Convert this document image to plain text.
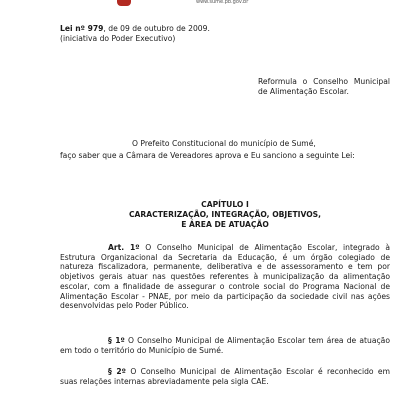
www.sume.pb.gov.br
Lei nº 979, de 09 de outubro de 2009.
(iniciativa do Poder Executivo)
Reformula o Conselho Municipal de Alimentação Escolar.
O Prefeito Constitucional do município de Sumé,
faço saber que a Câmara de Vereadores aprova e Eu sanciono a seguinte Lei:
CAPÍTULO I
CARACTERIZAÇÃO, INTEGRAÇÃO, OBJETIVOS,
E ÁREA DE ATUAÇÃO
Art. 1º O Conselho Municipal de Alimentação Escolar, integrado à Estrutura Organizacional da Secretaria da Educação, é um órgão colegiado de natureza fiscalizadora, permanente, deliberativa e de assessoramento e tem por objetivos gerais atuar nas questões referentes à municipalização da alimentação escolar, com a finalidade de assegurar o controle social do Programa Nacional de Alimentação Escolar - PNAE, por meio da participação da sociedade civil nas ações desenvolvidas pelo Poder Público.
§ 1º O Conselho Municipal de Alimentação Escolar tem área de atuação em todo o território do Município de Sumé.
§ 2º O Conselho Municipal de Alimentação Escolar é reconhecido em suas relações internas abreviadamente pela sigla CAE.
